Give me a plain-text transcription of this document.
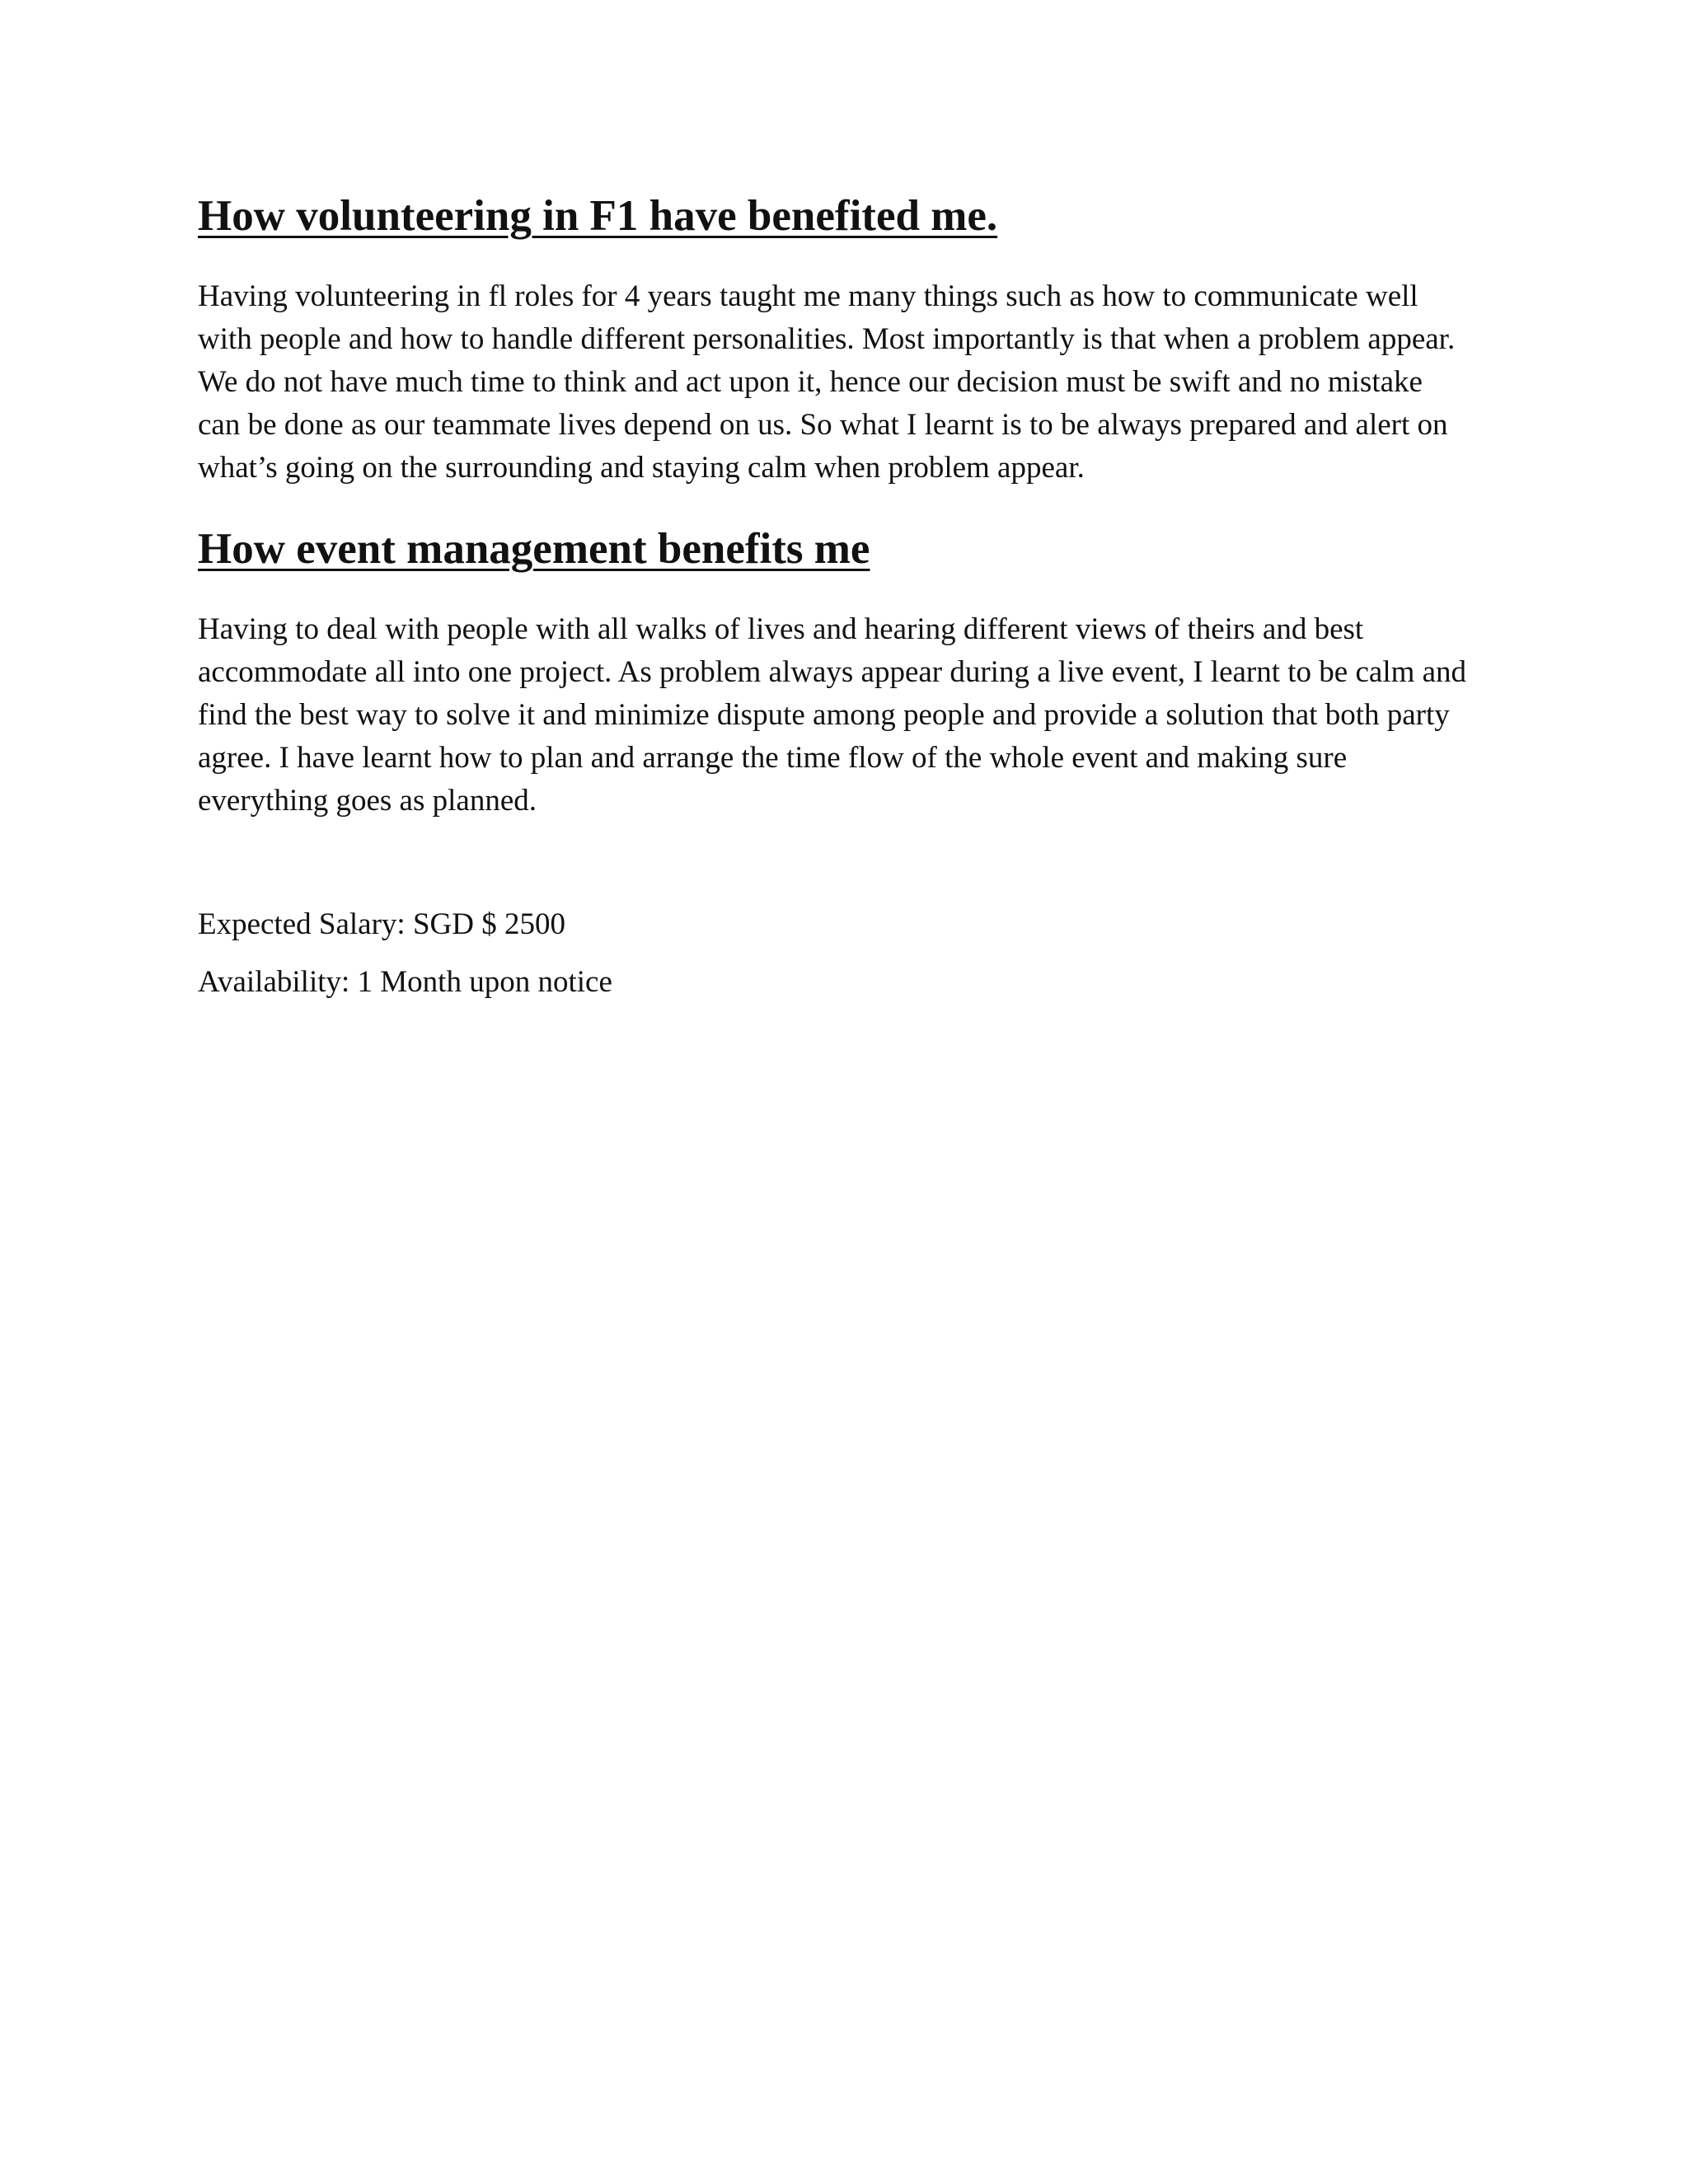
How volunteering in F1 have benefited me.

Having volunteering in fl roles for 4 years taught me many things such as how to communicate well with people and how to handle different personalities. Most importantly is that when a problem appear. We do not have much time to think and act upon it, hence our decision must be swift and no mistake can be done as our teammate lives depend on us. So what I learnt is to be always prepared and alert on what’s going on the surrounding and staying calm when problem appear.

How event management benefits me

Having to deal with people with all walks of lives and hearing different views of theirs and best accommodate all into one project. As problem always appear during a live event, I learnt to be calm and find the best way to solve it and minimize dispute among people and provide a solution that both party agree. I have learnt how to plan and arrange the time flow of the whole event and making sure everything goes as planned.

Expected Salary: SGD $ 2500

Availability: 1 Month upon notice
